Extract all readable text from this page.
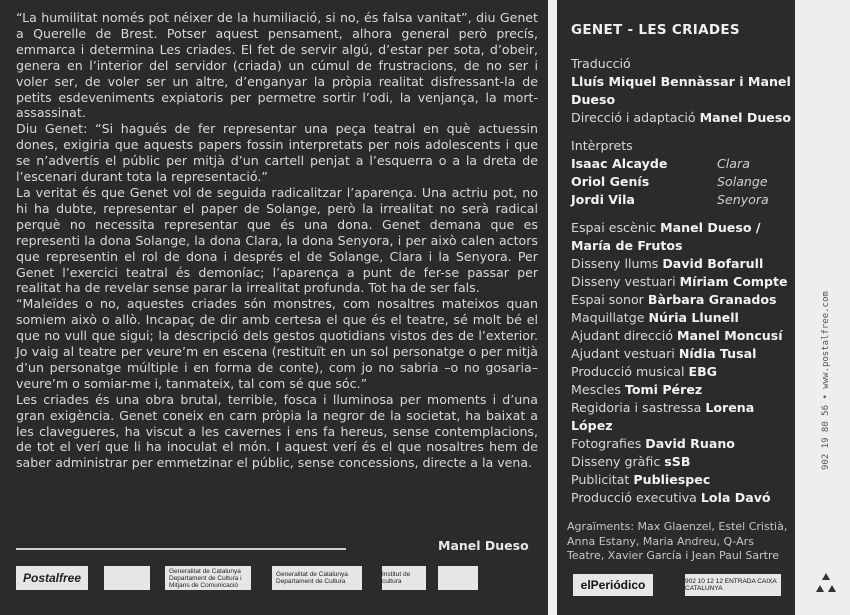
“La humilitat només pot néixer de la humiliació, si no, és falsa vanitat”, diu Genet a Querelle de Brest. Potser aquest pensament, alhora general però precís, emmarca i determina Les criades. El fet de servir algú, d’estar per sota, d’obeir, genera en l’interior del servidor (criada) un cúmul de frustracions, de no ser i voler ser, de voler ser un altre, d’enganyar la pròpia realitat disfressant-la de petits esdeveniments expiatoris per permetre sortir l’odi, la venjança, la mort-assassinat.

Diu Genet: “Si hagués de fer representar una peça teatral en què actuessin dones, exigiria que aquests papers fossin interpretats per nois adolescents i que se n’advertís el públic per mitjà d’un cartell penjat a l’esquerra o a la dreta de l’escenari durant tota la representació.”

La veritat és que Genet vol de seguida radicalitzar l’aparença. Una actriu pot, no hi ha dubte, representar el paper de Solange, però la irrealitat no serà radical perquè no necessita representar que és una dona. Genet demana que es representi la dona Solange, la dona Clara, la dona Senyora, i per això calen actors que representin el rol de dona i després el de Solange, Clara i la Senyora. Per Genet l’exercici teatral és demoníac; l’aparença a punt de fer-se passar per realitat ha de revelar sense parar la irrealitat profunda. Tot ha de ser fals.

“Maleïdes o no, aquestes criades són monstres, com nosaltres mateixos quan somiem això o allò. Incapaç de dir amb certesa el que és el teatre, sé molt bé el que no vull que sigui; la descripció dels gestos quotidians vistos des de l’exterior. Jo vaig al teatre per veure’m en escena (restituït en un sol personatge o per mitjà d’un personatge múltiple i en forma de conte), com jo no sabria –o no gosaria– veure’m o somiar-me i, tanmateix, tal com sé que sóc.”

Les criades és una obra brutal, terrible, fosca i lluminosa per moments i d’una gran exigència. Genet coneix en carn pròpia la negror de la societat, ha baixat a les clavegueres, ha viscut a les cavernes i ens fa hereus, sense contemplacions, de tot el verí que li ha inoculat el món. I aquest verí és el que nosaltres hem de saber administrar per emmetzinar el públic, sense concessions, directe a la vena.

Manel Dueso
Postalfree	Generalitat de Catalunya Departament de Cultura i Mitjans de Comunicació
Generalitat de Catalunya Departament de Cultura
Institut de cultura
GENET - LES CRIADES
Traducció
Lluís Miquel Bennàssar i Manel Dueso
Direcció i adaptació Manel Dueso
Intèrprets
Isaac Alcayde	Clara
Oriol Genís	Solange
Jordi Vila	Senyora

Espai escènic Manel Dueso / María de Frutos

Disseny llums David Bofarull

Disseny vestuari Míriam Compte

Espai sonor Bàrbara Granados

Maquillatge Núria Llunell

Ajudant direcció Manel Moncusí

Ajudant vestuari Nídia Tusal

Producció musical EBG

Mescles Tomi Pérez

Regidoria i sastressa Lorena López

Fotografies David Ruano

Disseny gràfic sSB

Publicitat Publiespec

Producció executiva Lola Davó

Agraïments: Max Glaenzel, Estel Cristià, Anna Estany, Maria Andreu, Q-Ars Teatre, Xavier García i Jean Paul Sartre
elPeriódico	902 10 12 12 ENTRADA CAIXA CATALUNYA
902 19 80 56 • www.postalfree.com
